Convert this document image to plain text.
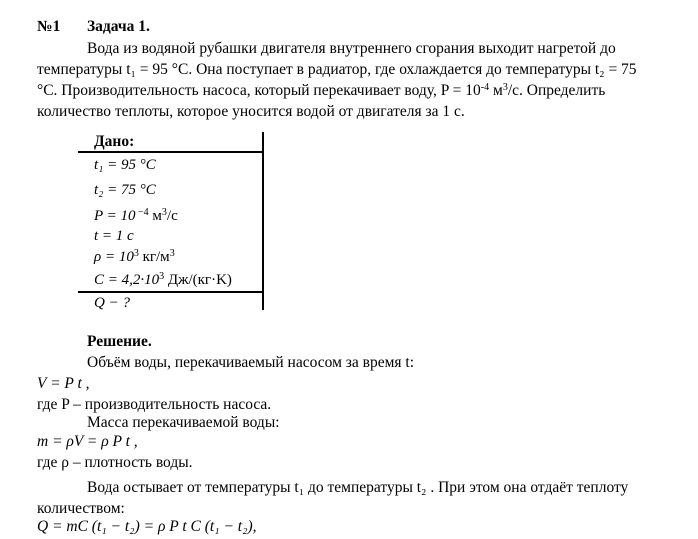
№1 Задача 1.
Вода из водяной рубашки двигателя внутреннего сгорания выходит нагретой до
температуры t₁ = 95 °C. Она поступает в радиатор, где охлаждается до температуры t₂ = 75
°C. Производительность насоса, который перекачивает воду, $P = 10^{-4}$ $м^3/с$. Определить
количество теплоты, которое уносится водой от двигателя за 1 с.
Дано:
t₁ = 95 °C
t₂ = 75 °C
P = 10 $^{-4}$ $м^3/с$
t = 1 с
$\rho = 10^3$ $кг/м^3$
$C = 4,2\cdot 10^3$ Дж/(кг·K)
Q − ?
Решение.
Объём воды, перекачиваемый насосом за время t:
V = P t ,
где P – производительность насоса.
Масса перекачиваемой воды:
m = ρV = ρ P t ,
где ρ – плотность воды.
Вода остывает от температуры t₁ до температуры t₂ . При этом она отдаёт теплоту
количеством:
Q = mC (t₁ − t₂) = ρ P t C (t₁ − t₂),
